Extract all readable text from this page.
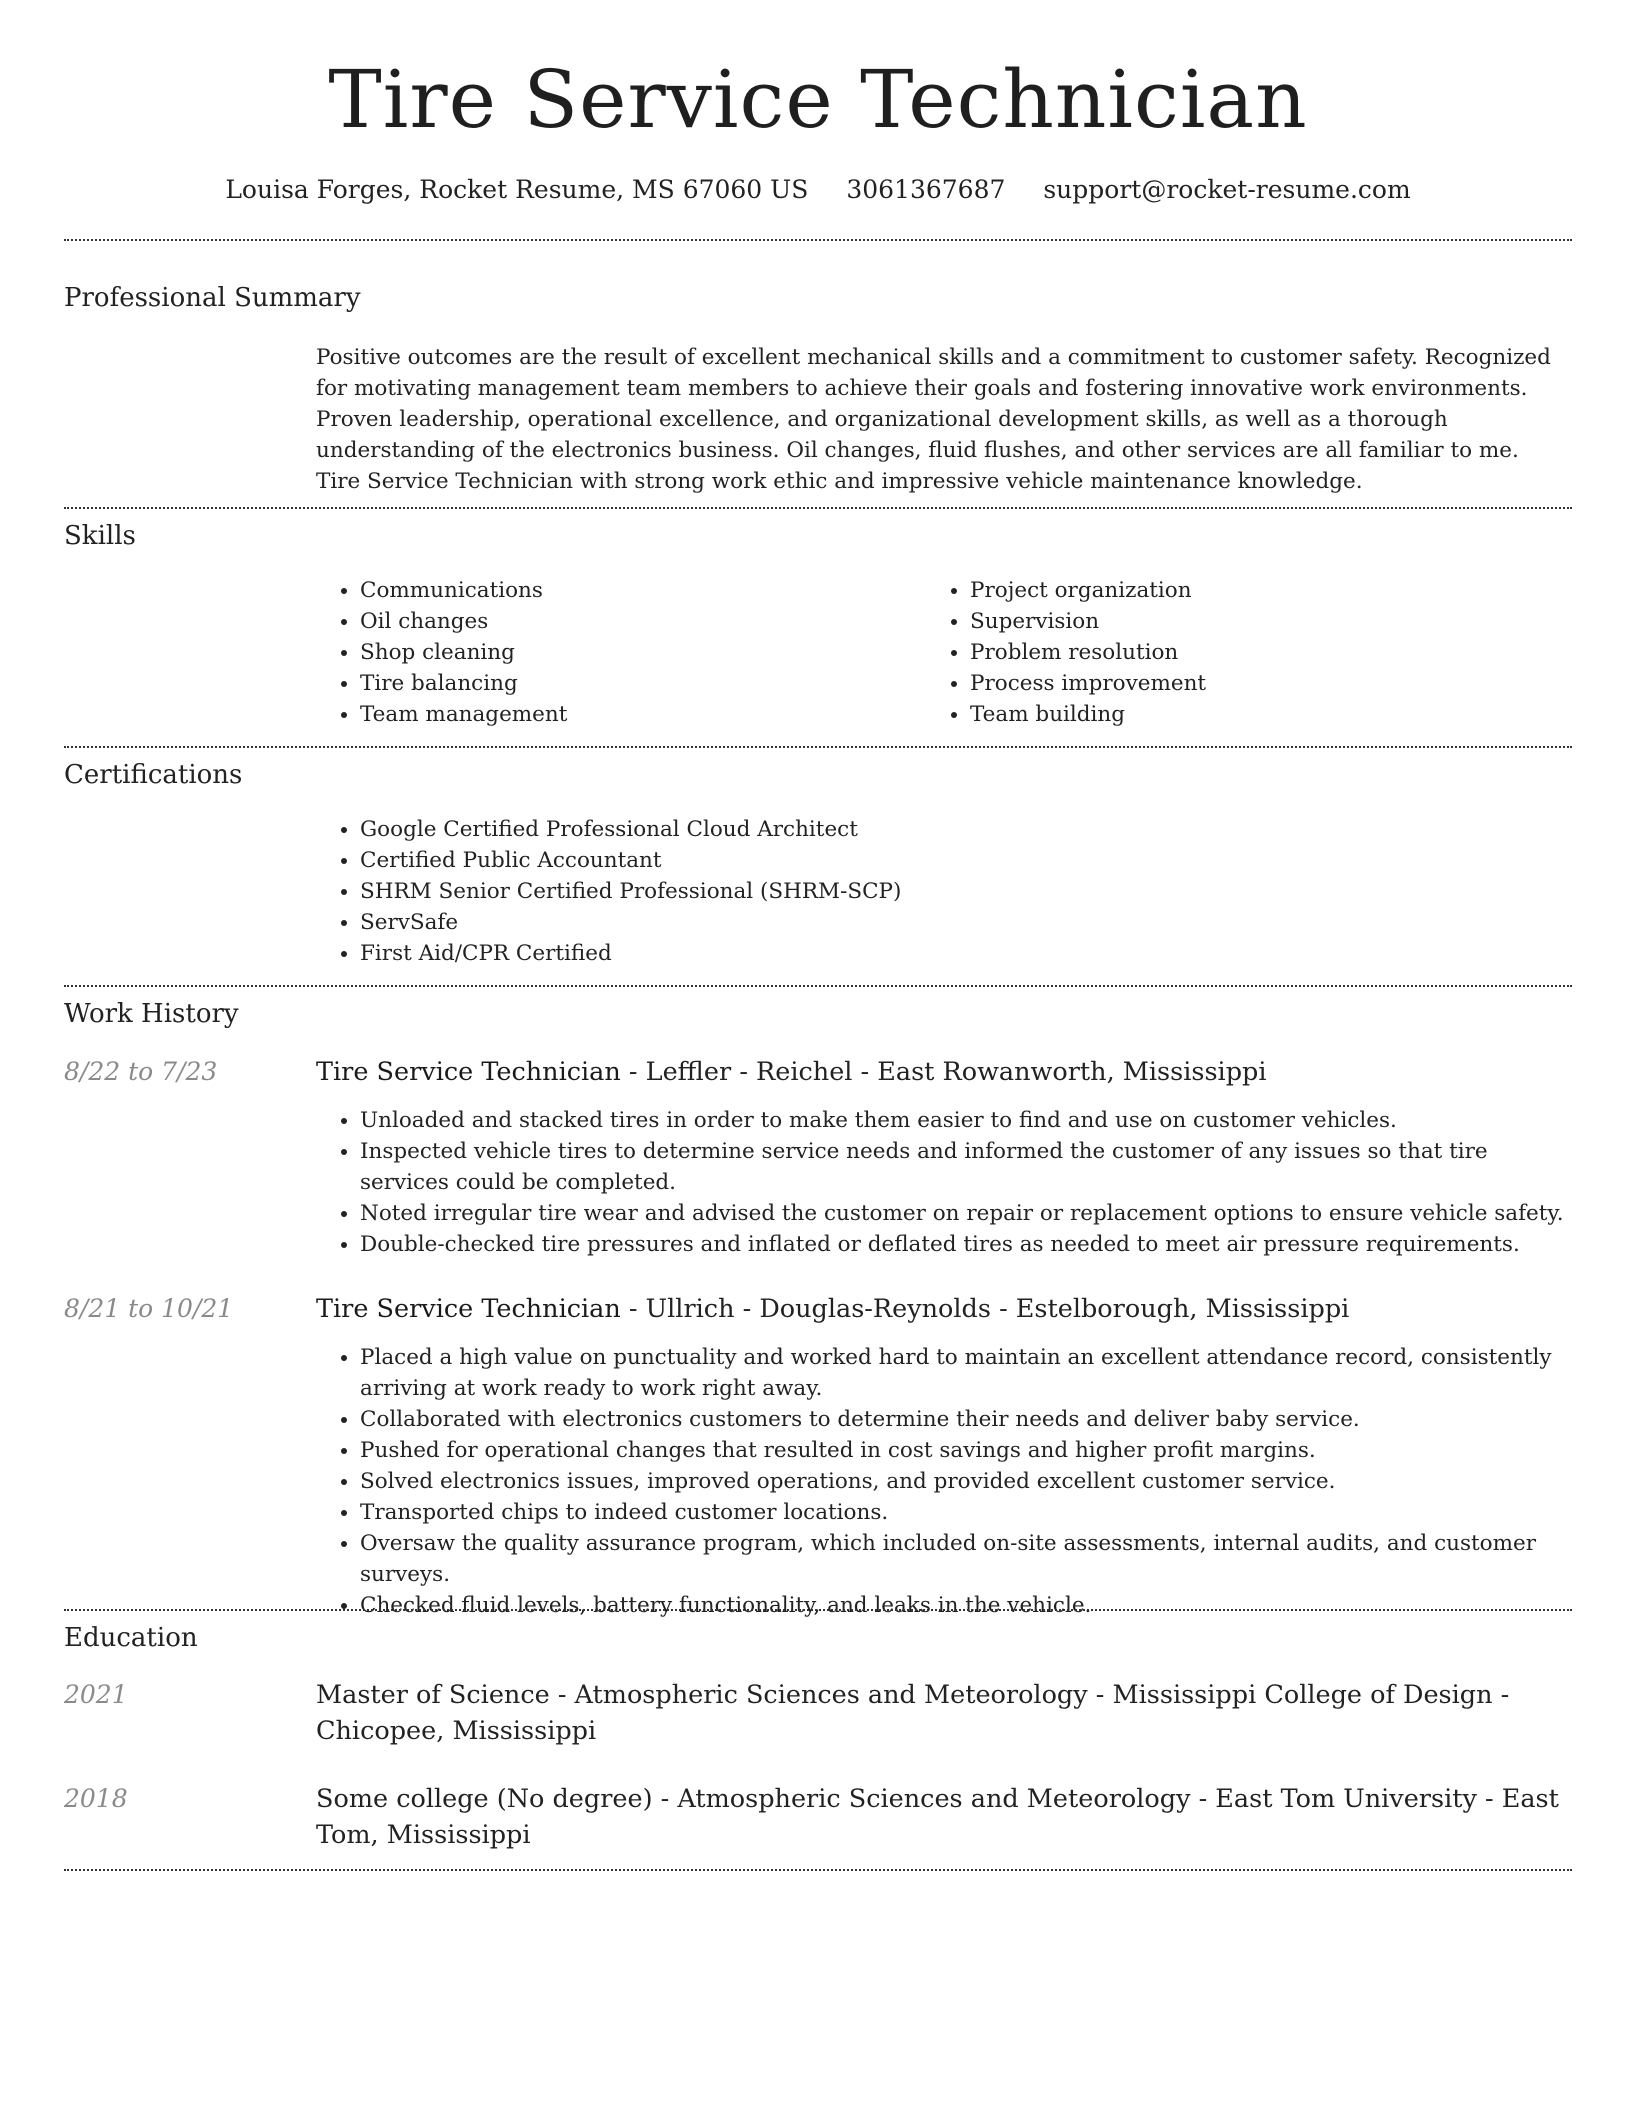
Tire Service Technician
Louisa Forges, Rocket Resume, MS 67060 US 3061367687 support@rocket-resume.com
Professional Summary

Positive outcomes are the result of excellent mechanical skills and a commitment to customer safety. Recognized for motivating management team members to achieve their goals and fostering innovative work environments. Proven leadership, operational excellence, and organizational development skills, as well as a thorough understanding of the electronics business. Oil changes, fluid flushes, and other services are all familiar to me. Tire Service Technician with strong work ethic and impressive vehicle maintenance knowledge.

Skills
• Communications
• Oil changes
• Shop cleaning
• Tire balancing
• Team management
• Project organization
• Supervision
• Problem resolution
• Process improvement
• Team building
Certifications
• Google Certified Professional Cloud Architect
• Certified Public Accountant
• SHRM Senior Certified Professional (SHRM-SCP)
• ServSafe
• First Aid/CPR Certified
Work History
8/22 to 7/23	Tire Service Technician - Leffler - Reichel - East Rowanworth, Mississippi
• Unloaded and stacked tires in order to make them easier to find and use on customer vehicles.
• Inspected vehicle tires to determine service needs and informed the customer of any issues so that tire services could be completed.
• Noted irregular tire wear and advised the customer on repair or replacement options to ensure vehicle safety.
• Double-checked tire pressures and inflated or deflated tires as needed to meet air pressure requirements.
8/21 to 10/21	Tire Service Technician - Ullrich - Douglas-Reynolds - Estelborough, Mississippi
• Placed a high value on punctuality and worked hard to maintain an excellent attendance record, consistently arriving at work ready to work right away.
• Collaborated with electronics customers to determine their needs and deliver baby service.
• Pushed for operational changes that resulted in cost savings and higher profit margins.
• Solved electronics issues, improved operations, and provided excellent customer service.
• Transported chips to indeed customer locations.
• Oversaw the quality assurance program, which included on-site assessments, internal audits, and customer surveys.
• Checked fluid levels, battery functionality, and leaks in the vehicle.
Education
2021	Master of Science - Atmospheric Sciences and Meteorology - Mississippi College of Design - Chicopee, Mississippi
2018	Some college (No degree) - Atmospheric Sciences and Meteorology - East Tom University - East Tom, Mississippi
